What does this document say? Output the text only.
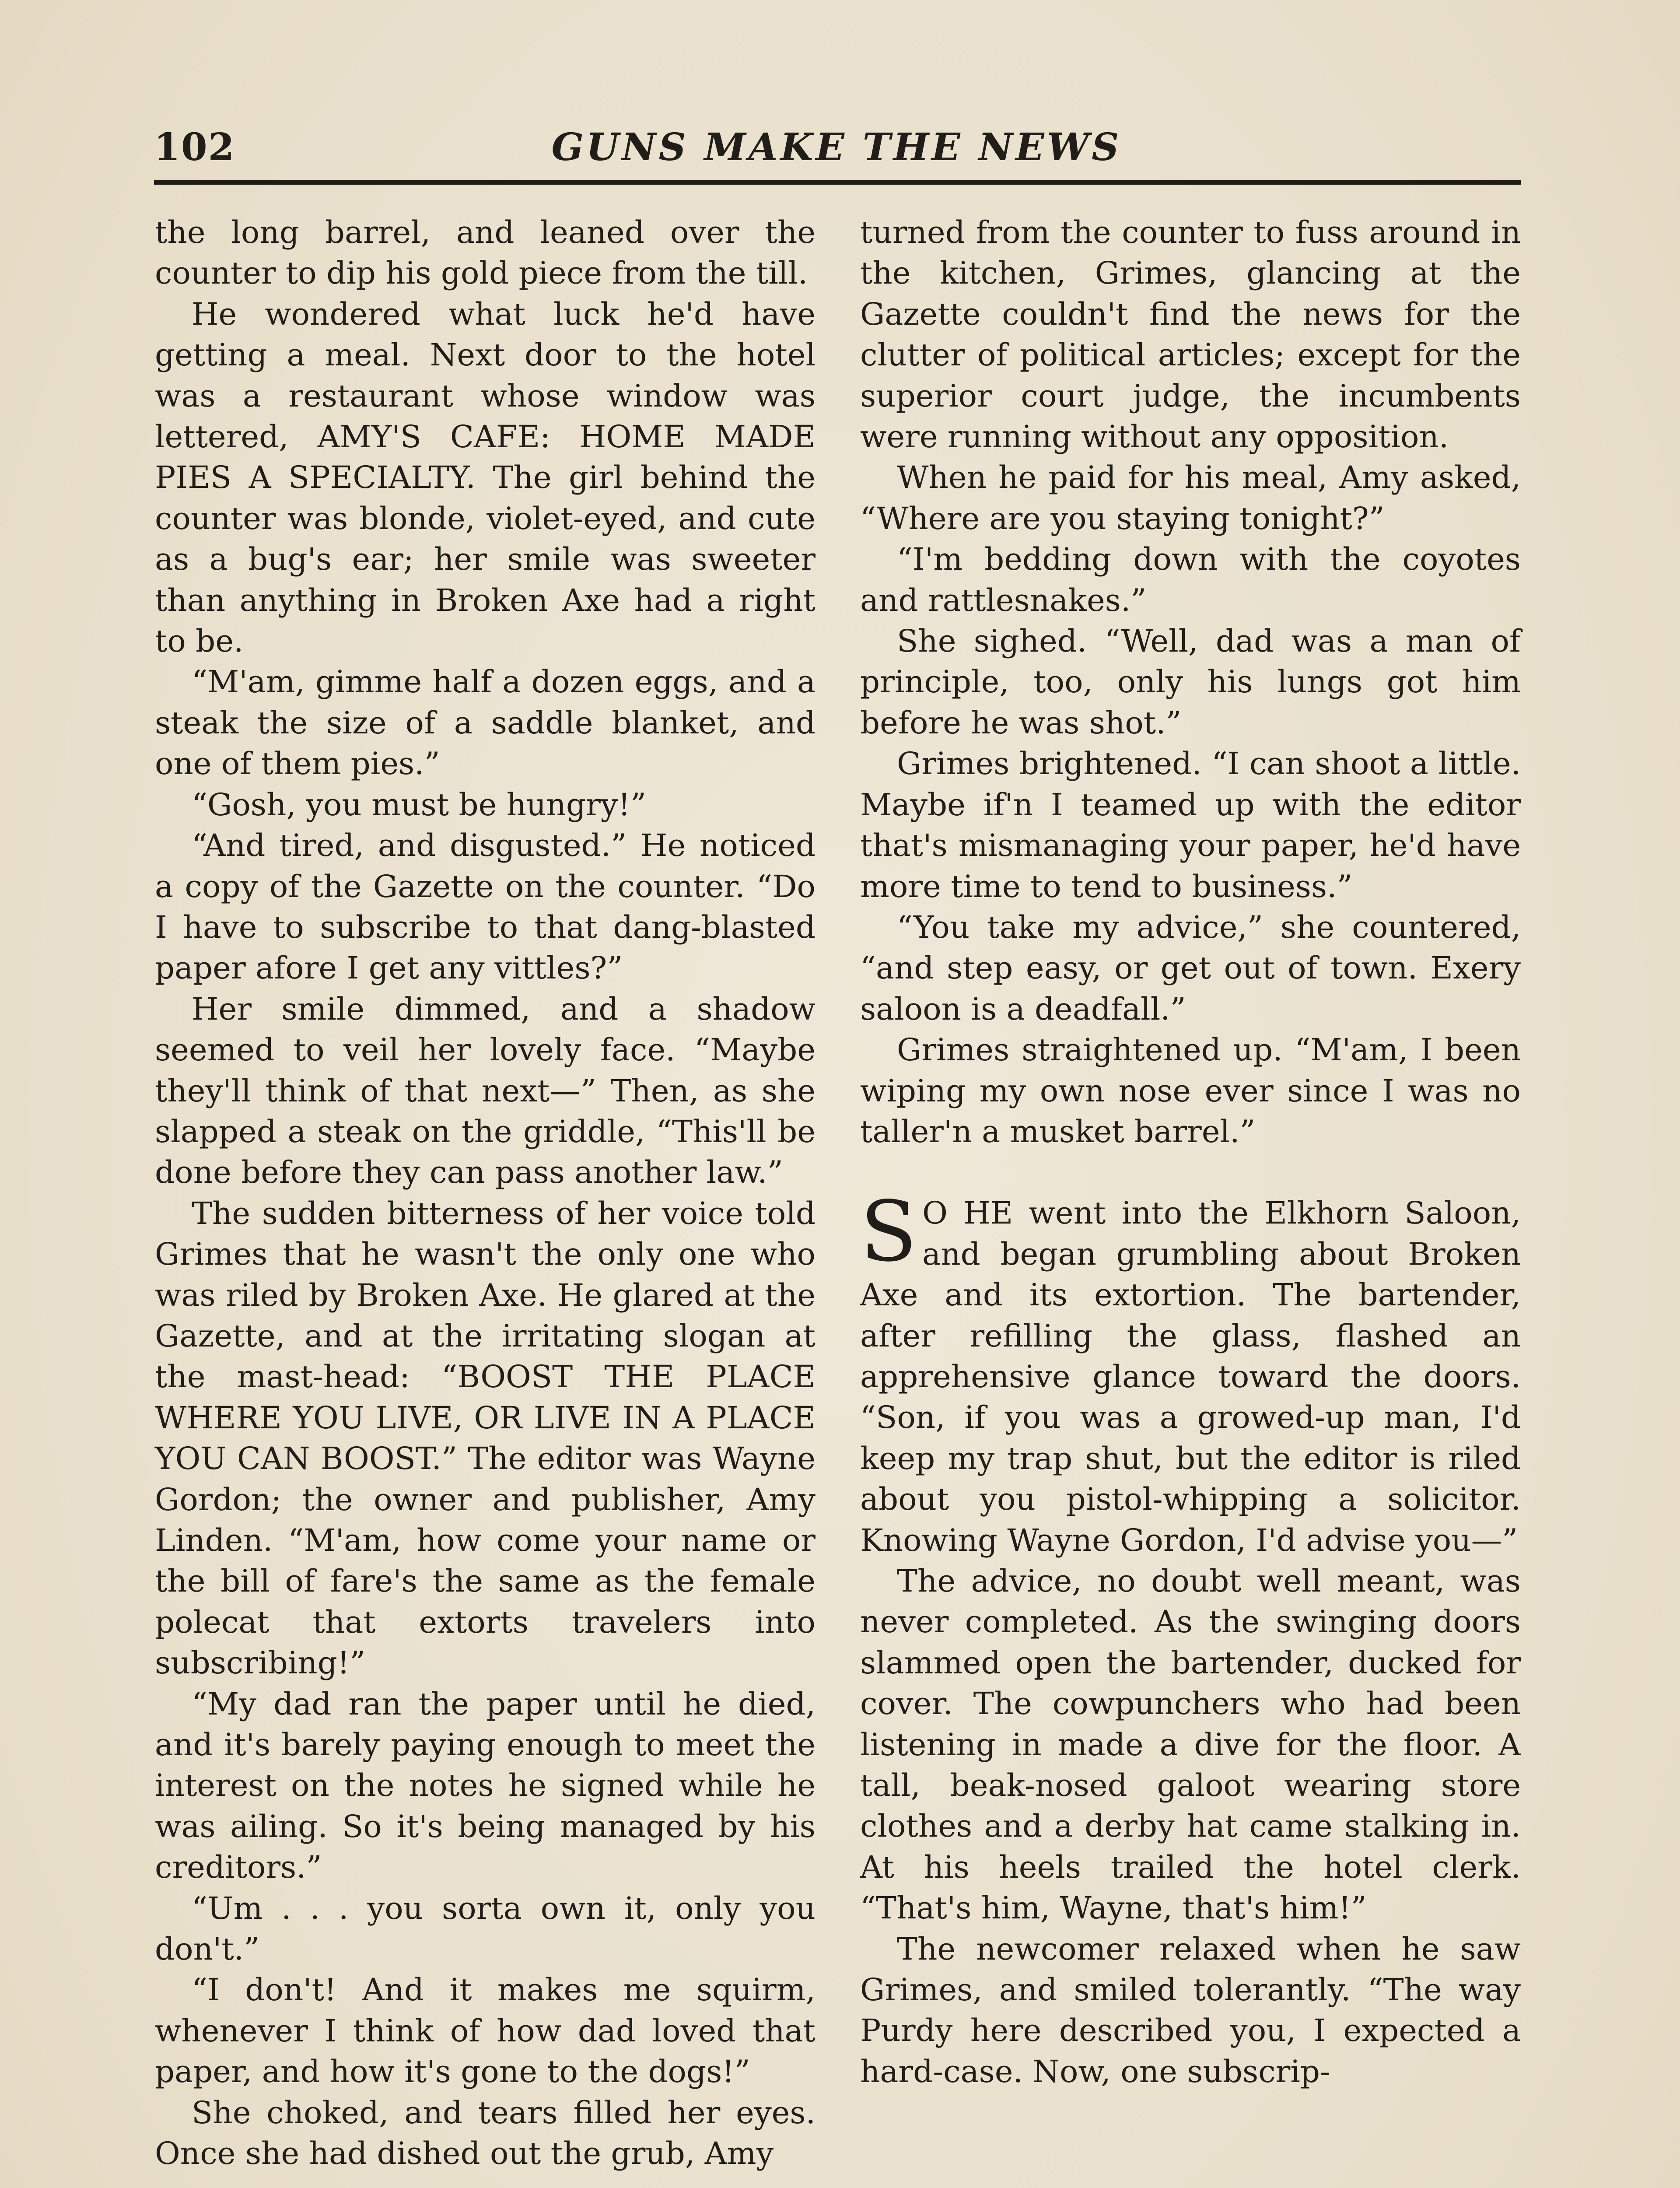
102	GUNS MAKE THE NEWS

the long barrel, and leaned over the counter to dip his gold piece from the till.

He wondered what luck he'd have getting a meal. Next door to the hotel was a restaurant whose window was lettered, AMY'S CAFE: HOME MADE PIES A SPECIALTY. The girl behind the counter was blonde, violet-eyed, and cute as a bug's ear; her smile was sweeter than anything in Broken Axe had a right to be.

“M'am, gimme half a dozen eggs, and a steak the size of a saddle blanket, and one of them pies.”

“Gosh, you must be hungry!”

“And tired, and disgusted.” He noticed a copy of the Gazette on the counter. “Do I have to subscribe to that dang-blasted paper afore I get any vittles?”

Her smile dimmed, and a shadow seemed to veil her lovely face. “Maybe they'll think of that next—” Then, as she slapped a steak on the griddle, “This'll be done before they can pass another law.”

The sudden bitterness of her voice told Grimes that he wasn't the only one who was riled by Broken Axe. He glared at the Gazette, and at the irritating slogan at the mast-head: “BOOST THE PLACE WHERE YOU LIVE, OR LIVE IN A PLACE YOU CAN BOOST.” The editor was Wayne Gordon; the owner and publisher, Amy Linden. “M'am, how come your name or the bill of fare's the same as the female polecat that extorts travelers into subscribing!”

“My dad ran the paper until he died, and it's barely paying enough to meet the interest on the notes he signed while he was ailing. So it's being managed by his creditors.”

“Um . . . you sorta own it, only you don't.”

“I don't! And it makes me squirm, whenever I think of how dad loved that paper, and how it's gone to the dogs!”

She choked, and tears filled her eyes. Once she had dished out the grub, Amy

turned from the counter to fuss around in the kitchen, Grimes, glancing at the Gazette couldn't find the news for the clutter of political articles; except for the superior court judge, the incumbents were running without any opposition.

When he paid for his meal, Amy asked, “Where are you staying tonight?”

“I'm bedding down with the coyotes and rattlesnakes.”

She sighed. “Well, dad was a man of principle, too, only his lungs got him before he was shot.”

Grimes brightened. “I can shoot a little. Maybe if'n I teamed up with the editor that's mismanaging your paper, he'd have more time to tend to business.”

“You take my advice,” she countered, “and step easy, or get out of town. Exery saloon is a deadfall.”

Grimes straightened up. “M'am, I been wiping my own nose ever since I was no taller'n a musket barrel.”

S O HE went into the Elkhorn Saloon, and began grumbling about Broken Axe and its extortion. The bartender, after refilling the glass, flashed an apprehensive glance toward the doors. “Son, if you was a growed-up man, I'd keep my trap shut, but the editor is riled about you pistol-whipping a solicitor. Knowing Wayne Gordon, I'd advise you—”

The advice, no doubt well meant, was never completed. As the swinging doors slammed open the bartender, ducked for cover. The cowpunchers who had been listening in made a dive for the floor. A tall, beak-nosed galoot wearing store clothes and a derby hat came stalking in. At his heels trailed the hotel clerk. “That's him, Wayne, that's him!”

The newcomer relaxed when he saw Grimes, and smiled tolerantly. “The way Purdy here described you, I expected a hard-case. Now, one subscrip-
